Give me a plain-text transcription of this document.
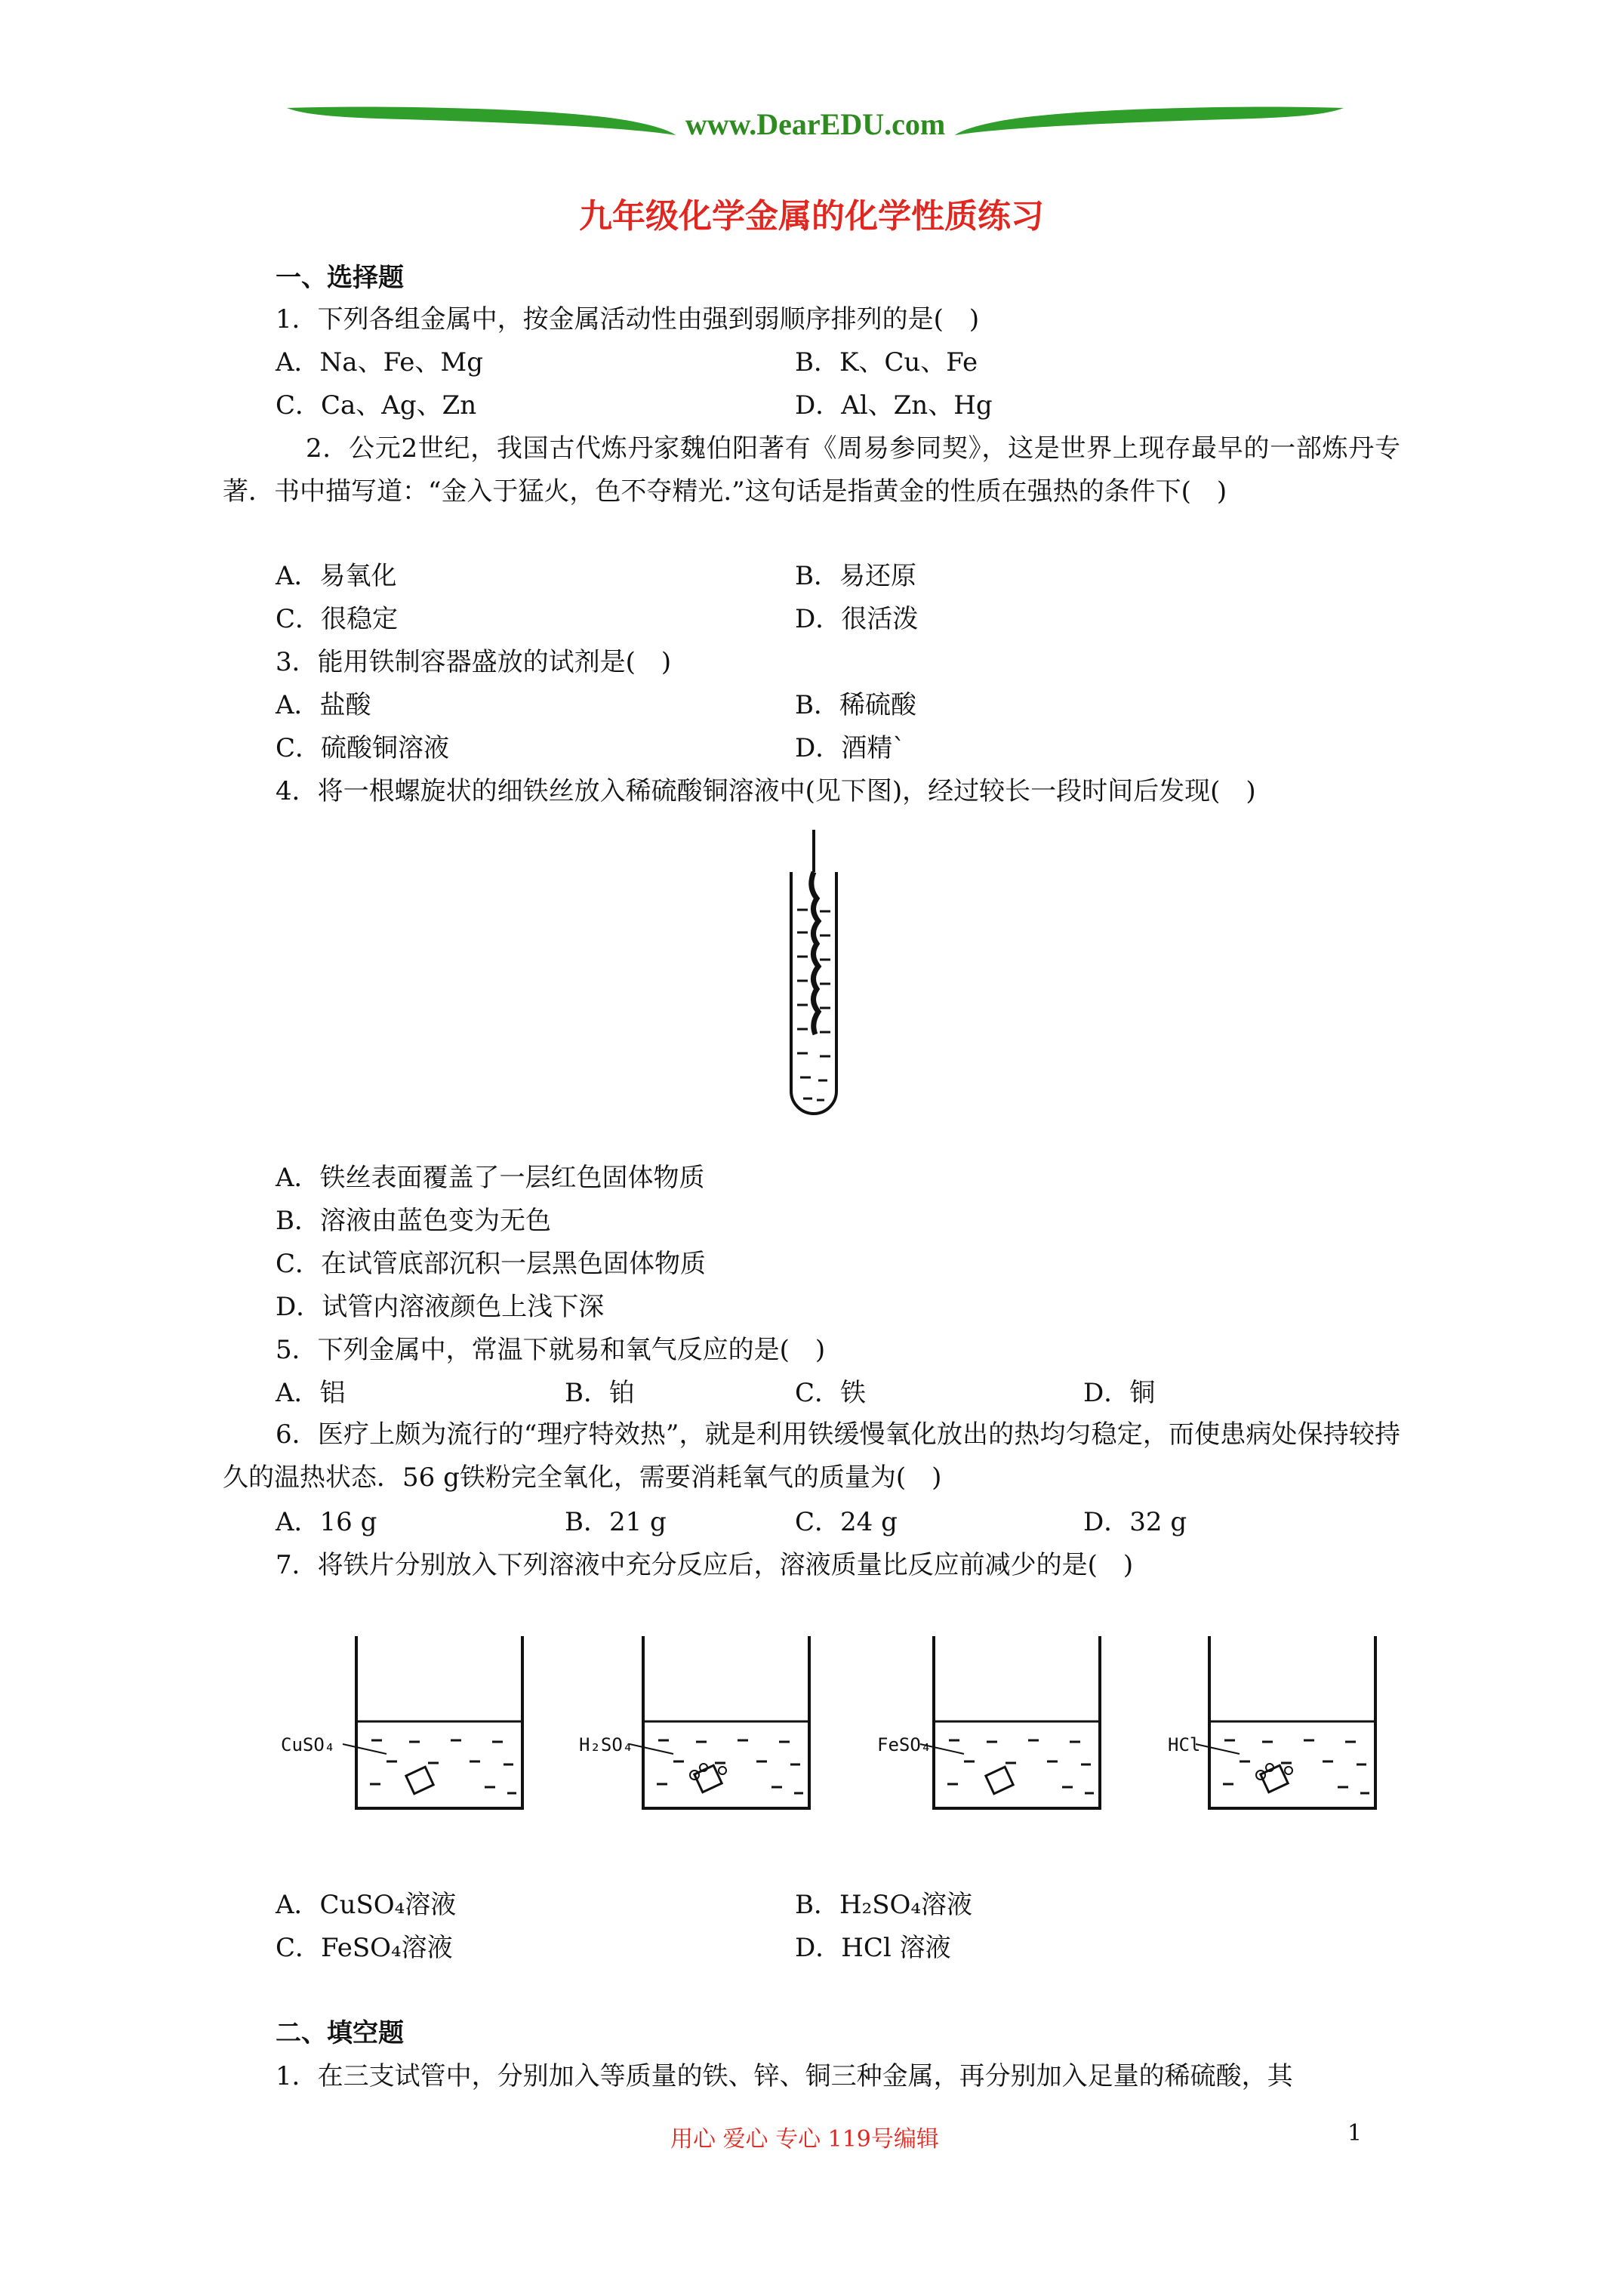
www.DearEDU.com
九年级化学金属的化学性质练习
一、选择题
1．下列各组金属中，按金属活动性由强到弱顺序排列的是(　)
A．Na、Fe、Mg	B．K、Cu、Fe
C．Ca、Ag、Zn	D．Al、Zn、Hg
2．公元2世纪，我国古代炼丹家魏伯阳著有《周易参同契》，这是世界上现存最早的一部炼丹专著．书中描写道：“金入于猛火，色不夺精光.”这句话是指黄金的性质在强热的条件下(　)
A．易氧化	B．易还原
C．很稳定	D．很活泼
3．能用铁制容器盛放的试剂是(　)
A．盐酸	B．稀硫酸
C．硫酸铜溶液	D．酒精`
4．将一根螺旋状的细铁丝放入稀硫酸铜溶液中(见下图)，经过较长一段时间后发现(　)
A．铁丝表面覆盖了一层红色固体物质
B．溶液由蓝色变为无色
C．在试管底部沉积一层黑色固体物质
D．试管内溶液颜色上浅下深
5．下列金属中，常温下就易和氧气反应的是(　)
A．铝	B．铂	C．铁	D．铜
6．医疗上颇为流行的“理疗特效热”，就是利用铁缓慢氧化放出的热均匀稳定，而使患病处保持较持久的温热状态．56 g铁粉完全氧化，需要消耗氧气的质量为(　)
A．16 g	B．21 g	C．24 g	D．32 g
7．将铁片分别放入下列溶液中充分反应后，溶液质量比反应前减少的是(　)
CuSO₄	H₂SO₄	FeSO₄	HCl
A．CuSO₄溶液	B．H₂SO₄溶液
C．FeSO₄溶液	D．HCl 溶液
二、填空题
1．在三支试管中，分别加入等质量的铁、锌、铜三种金属，再分别加入足量的稀硫酸，其
用心 爱心 专心 119号编辑	1
